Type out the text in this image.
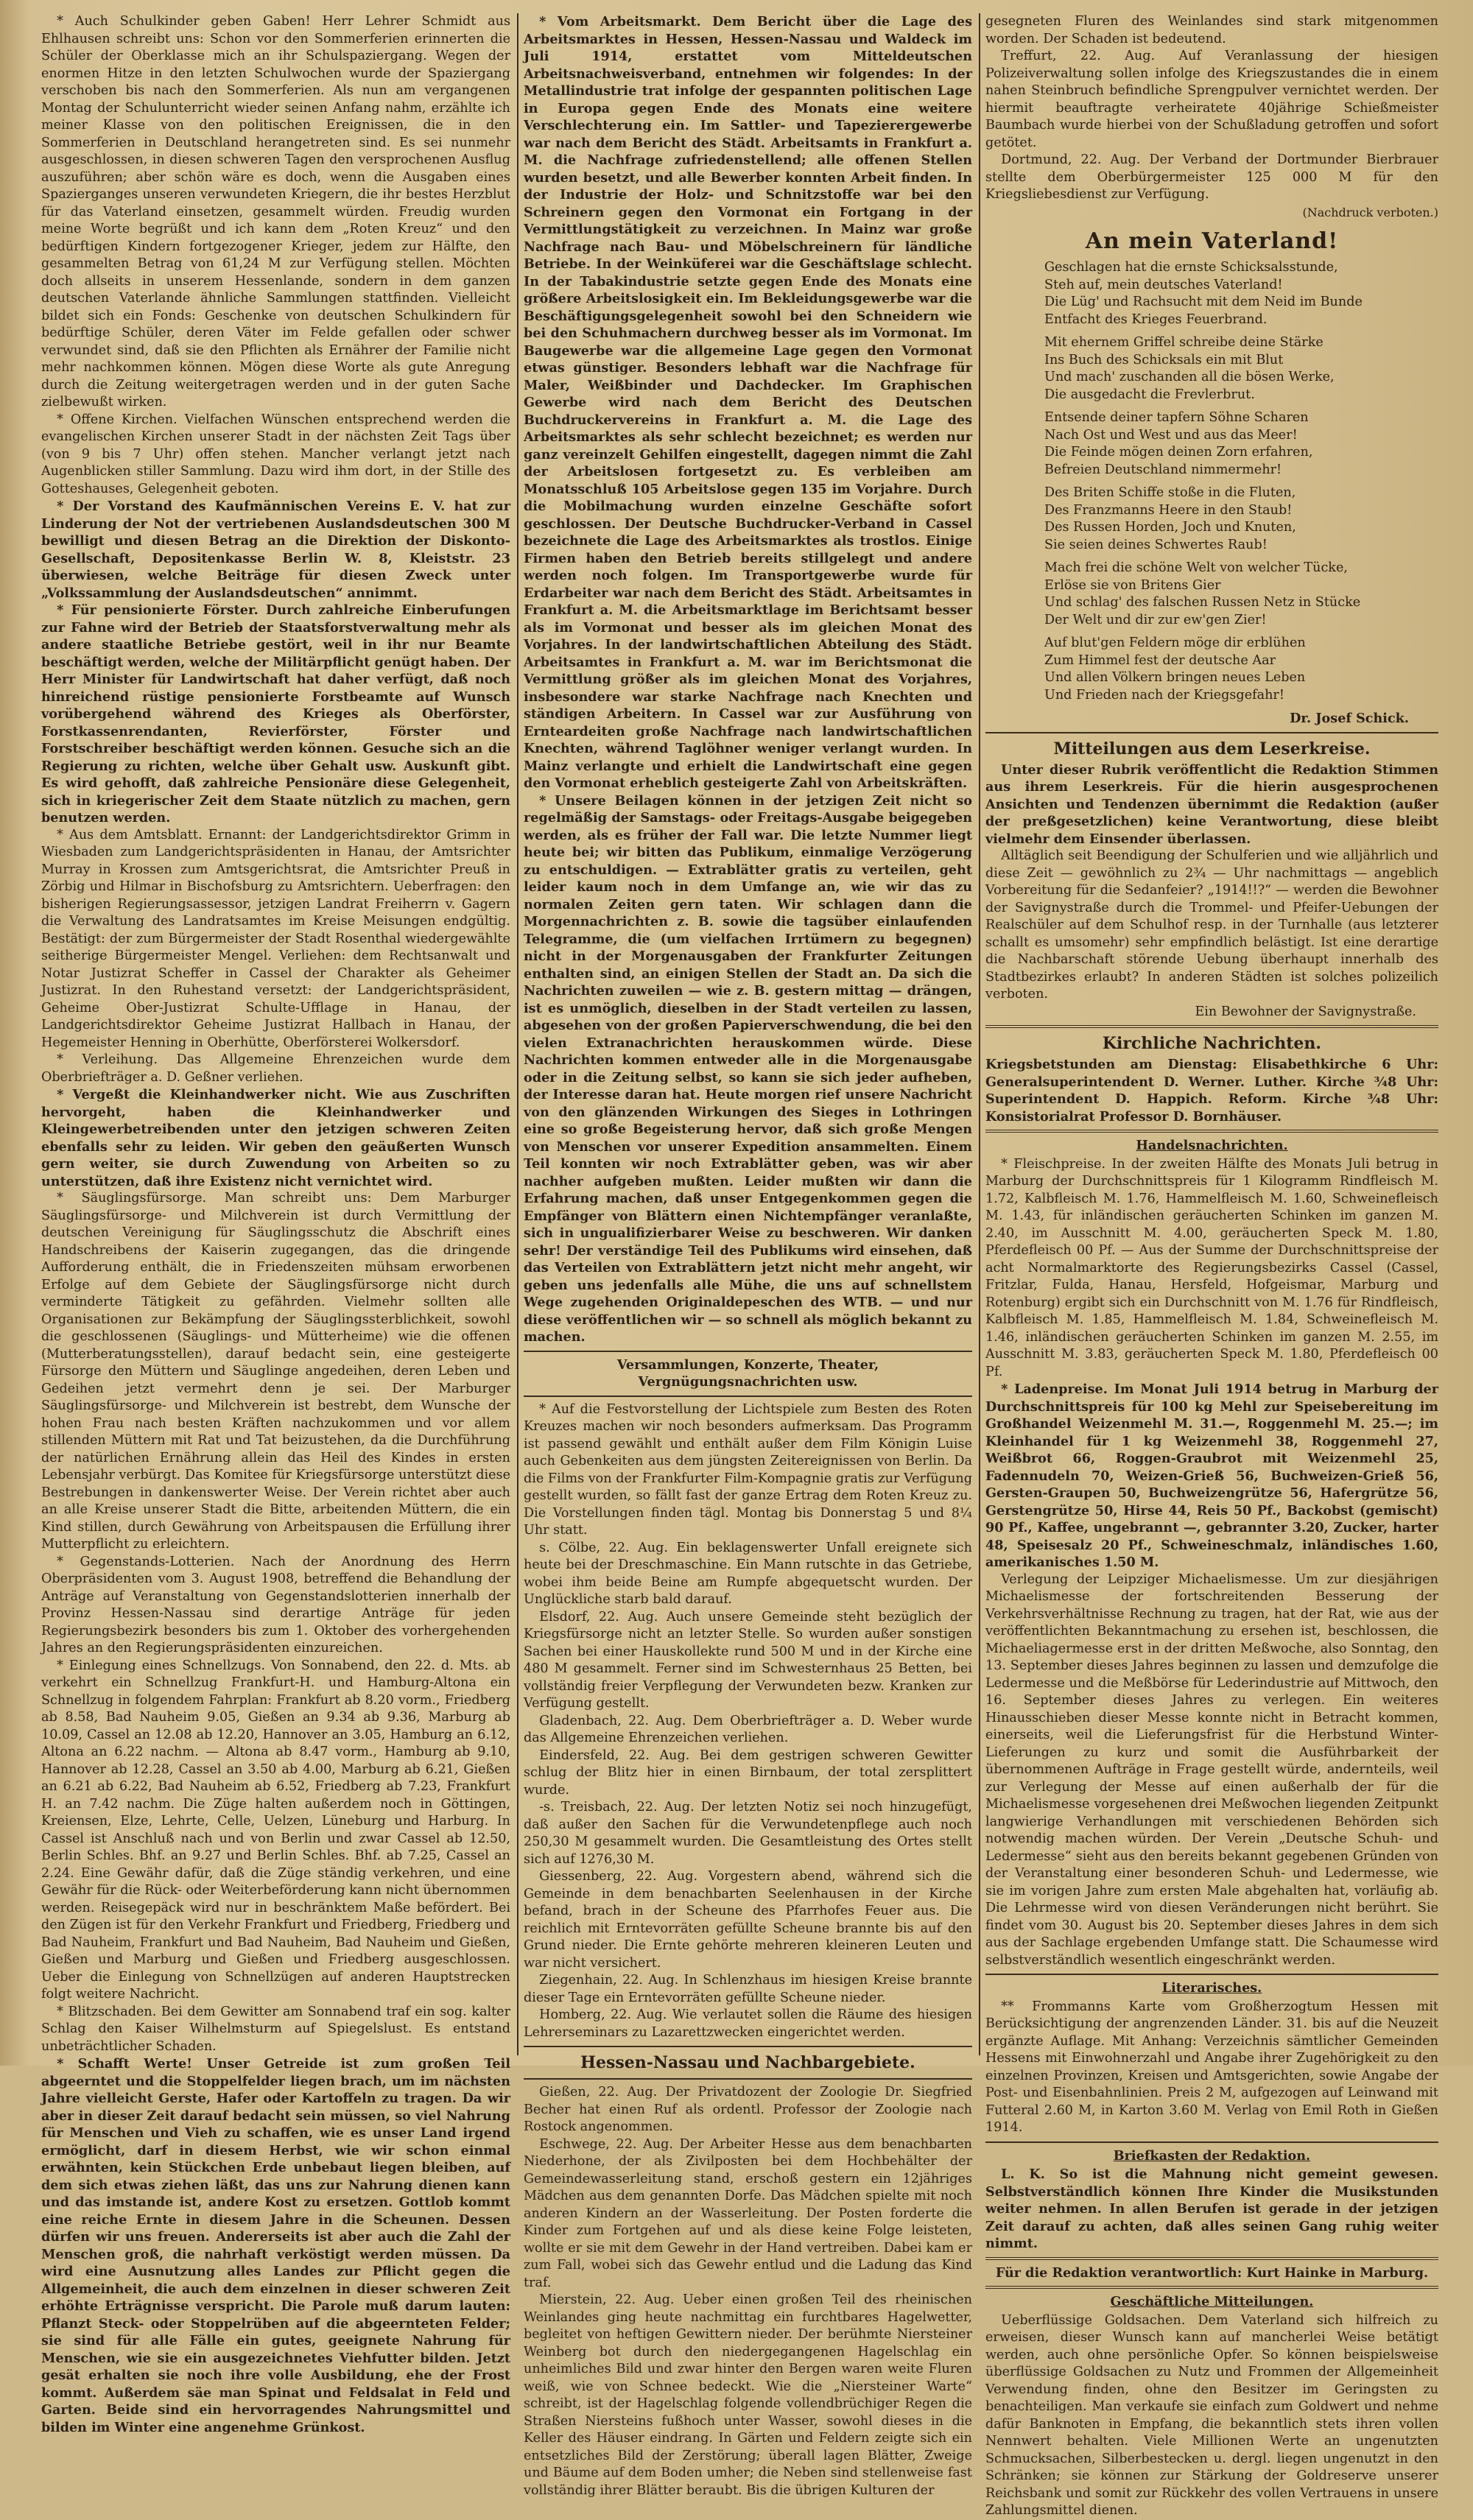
* Auch Schulkinder geben Gaben! Herr Lehrer Schmidt aus Ehlhausen schreibt uns: Schon vor den Sommerferien erinnerten die Schüler der Oberklasse mich an ihr Schulspaziergang. Wegen der enormen Hitze in den letzten Schulwochen wurde der Spaziergang verschoben bis nach den Sommerferien. Als nun am vergangenen Montag der Schulunterricht wieder seinen Anfang nahm, erzählte ich meiner Klasse von den politischen Ereignissen, die in den Sommerferien in Deutschland herangetreten sind. Es sei nunmehr ausgeschlossen, in diesen schweren Tagen den versprochenen Ausflug auszuführen; aber schön wäre es doch, wenn die Ausgaben eines Spazierganges unseren verwundeten Kriegern, die ihr bestes Herzblut für das Vaterland einsetzen, gesammelt würden. Freudig wurden meine Worte begrüßt und ich kann dem „Roten Kreuz“ und den bedürftigen Kindern fortgezogener Krieger, jedem zur Hälfte, den gesammelten Betrag von 61,24 M zur Verfügung stellen. Möchten doch allseits in unserem Hessenlande, sondern in dem ganzen deutschen Vaterlande ähnliche Sammlungen stattfinden. Vielleicht bildet sich ein Fonds: Geschenke von deutschen Schulkindern für bedürftige Schüler, deren Väter im Felde gefallen oder schwer verwundet sind, daß sie den Pflichten als Ernährer der Familie nicht mehr nachkommen können. Mögen diese Worte als gute Anregung durch die Zeitung weitergetragen werden und in der guten Sache zielbewußt wirken.

* Offene Kirchen. Vielfachen Wünschen entsprechend werden die evangelischen Kirchen unserer Stadt in der nächsten Zeit Tags über (von 9 bis 7 Uhr) offen stehen. Mancher verlangt jetzt nach Augenblicken stiller Sammlung. Dazu wird ihm dort, in der Stille des Gotteshauses, Gelegenheit geboten.

* Der Vorstand des Kaufmännischen Vereins E. V. hat zur Linderung der Not der vertriebenen Auslandsdeutschen 300 M bewilligt und diesen Betrag an die Direktion der Diskonto-Gesellschaft, Depositenkasse Berlin W. 8, Kleiststr. 23 überwiesen, welche Beiträge für diesen Zweck unter „Volkssammlung der Auslandsdeutschen“ annimmt.

* Für pensionierte Förster. Durch zahlreiche Einberufungen zur Fahne wird der Betrieb der Staatsforstverwaltung mehr als andere staatliche Betriebe gestört, weil in ihr nur Beamte beschäftigt werden, welche der Militärpflicht genügt haben. Der Herr Minister für Landwirtschaft hat daher verfügt, daß noch hinreichend rüstige pensionierte Forstbeamte auf Wunsch vorübergehend während des Krieges als Oberförster, Forstkassenrendanten, Revierförster, Förster und Forstschreiber beschäftigt werden können. Gesuche sich an die Regierung zu richten, welche über Gehalt usw. Auskunft gibt. Es wird gehofft, daß zahlreiche Pensionäre diese Gelegenheit, sich in kriegerischer Zeit dem Staate nützlich zu machen, gern benutzen werden.

* Aus dem Amtsblatt. Ernannt: der Landgerichtsdirektor Grimm in Wiesbaden zum Landgerichtspräsidenten in Hanau, der Amtsrichter Murray in Krossen zum Amtsgerichtsrat, die Amtsrichter Preuß in Zörbig und Hilmar in Bischofsburg zu Amtsrichtern. Ueberfragen: den bisherigen Regierungsassessor, jetzigen Landrat Freiherrn v. Gagern die Verwaltung des Landratsamtes im Kreise Meisungen endgültig. Bestätigt: der zum Bürgermeister der Stadt Rosenthal wiedergewählte seitherige Bürgermeister Mengel. Verliehen: dem Rechtsanwalt und Notar Justizrat Scheffer in Cassel der Charakter als Geheimer Justizrat. In den Ruhestand versetzt: der Landgerichtspräsident, Geheime Ober-Justizrat Schulte-Ufflage in Hanau, der Landgerichtsdirektor Geheime Justizrat Hallbach in Hanau, der Hegemeister Henning in Oberhütte, Oberförsterei Wolkersdorf.

* Verleihung. Das Allgemeine Ehrenzeichen wurde dem Oberbriefträger a. D. Geßner verliehen.

* Vergeßt die Kleinhandwerker nicht. Wie aus Zuschriften hervorgeht, haben die Kleinhandwerker und Kleingewerbetreibenden unter den jetzigen schweren Zeiten ebenfalls sehr zu leiden. Wir geben den geäußerten Wunsch gern weiter, sie durch Zuwendung von Arbeiten so zu unterstützen, daß ihre Existenz nicht vernichtet wird.

* Säuglingsfürsorge. Man schreibt uns: Dem Marburger Säuglingsfürsorge- und Milchverein ist durch Vermittlung der deutschen Vereinigung für Säuglingsschutz die Abschrift eines Handschreibens der Kaiserin zugegangen, das die dringende Aufforderung enthält, die in Friedenszeiten mühsam erworbenen Erfolge auf dem Gebiete der Säuglingsfürsorge nicht durch verminderte Tätigkeit zu gefährden. Vielmehr sollten alle Organisationen zur Bekämpfung der Säuglingssterblichkeit, sowohl die geschlossenen (Säuglings- und Mütterheime) wie die offenen (Mutterberatungsstellen), darauf bedacht sein, eine gesteigerte Fürsorge den Müttern und Säuglinge angedeihen, deren Leben und Gedeihen jetzt vermehrt denn je sei. Der Marburger Säuglingsfürsorge- und Milchverein ist bestrebt, dem Wunsche der hohen Frau nach besten Kräften nachzukommen und vor allem stillenden Müttern mit Rat und Tat beizustehen, da die Durchführung der natürlichen Ernährung allein das Heil des Kindes in ersten Lebensjahr verbürgt. Das Komitee für Kriegsfürsorge unterstützt diese Bestrebungen in dankenswerter Weise. Der Verein richtet aber auch an alle Kreise unserer Stadt die Bitte, arbeitenden Müttern, die ein Kind stillen, durch Gewährung von Arbeitspausen die Erfüllung ihrer Mutterpflicht zu erleichtern.

* Gegenstands-Lotterien. Nach der Anordnung des Herrn Oberpräsidenten vom 3. August 1908, betreffend die Behandlung der Anträge auf Veranstaltung von Gegenstandslotterien innerhalb der Provinz Hessen-Nassau sind derartige Anträge für jeden Regierungsbezirk besonders bis zum 1. Oktober des vorhergehenden Jahres an den Regierungspräsidenten einzureichen.

* Einlegung eines Schnellzugs. Von Sonnabend, den 22. d. Mts. ab verkehrt ein Schnellzug Frankfurt-H. und Hamburg-Altona ein Schnellzug in folgendem Fahrplan: Frankfurt ab 8.20 vorm., Friedberg ab 8.58, Bad Nauheim 9.05, Gießen an 9.34 ab 9.36, Marburg ab 10.09, Cassel an 12.08 ab 12.20, Hannover an 3.05, Hamburg an 6.12, Altona an 6.22 nachm. — Altona ab 8.47 vorm., Hamburg ab 9.10, Hannover ab 12.28, Cassel an 3.50 ab 4.00, Marburg ab 6.21, Gießen an 6.21 ab 6.22, Bad Nauheim ab 6.52, Friedberg ab 7.23, Frankfurt H. an 7.42 nachm. Die Züge halten außerdem noch in Göttingen, Kreiensen, Elze, Lehrte, Celle, Uelzen, Lüneburg und Harburg. In Cassel ist Anschluß nach und von Berlin und zwar Cassel ab 12.50, Berlin Schles. Bhf. an 9.27 und Berlin Schles. Bhf. ab 7.25, Cassel an 2.24. Eine Gewähr dafür, daß die Züge ständig verkehren, und eine Gewähr für die Rück- oder Weiterbeförderung kann nicht übernommen werden. Reisegepäck wird nur in beschränktem Maße befördert. Bei den Zügen ist für den Verkehr Frankfurt und Friedberg, Friedberg und Bad Nauheim, Frankfurt und Bad Nauheim, Bad Nauheim und Gießen, Gießen und Marburg und Gießen und Friedberg ausgeschlossen. Ueber die Einlegung von Schnellzügen auf anderen Hauptstrecken folgt weitere Nachricht.

* Blitzschaden. Bei dem Gewitter am Sonnabend traf ein sog. kalter Schlag den Kaiser Wilhelmsturm auf Spiegelslust. Es entstand unbeträchtlicher Schaden.

* Schafft Werte! Unser Getreide ist zum großen Teil abgeerntet und die Stoppelfelder liegen brach, um im nächsten Jahre vielleicht Gerste, Hafer oder Kartoffeln zu tragen. Da wir aber in dieser Zeit darauf bedacht sein müssen, so viel Nahrung für Menschen und Vieh zu schaffen, wie es unser Land irgend ermöglicht, darf in diesem Herbst, wie wir schon einmal erwähnten, kein Stückchen Erde unbebaut liegen bleiben, auf dem sich etwas ziehen läßt, das uns zur Nahrung dienen kann und das imstande ist, andere Kost zu ersetzen. Gottlob kommt eine reiche Ernte in diesem Jahre in die Scheunen. Dessen dürfen wir uns freuen. Andererseits ist aber auch die Zahl der Menschen groß, die nahrhaft verköstigt werden müssen. Da wird eine Ausnutzung alles Landes zur Pflicht gegen die Allgemeinheit, die auch dem einzelnen in dieser schweren Zeit erhöhte Erträgnisse verspricht. Die Parole muß darum lauten: Pflanzt Steck- oder Stoppelrüben auf die abgeernteten Felder; sie sind für alle Fälle ein gutes, geeignete Nahrung für Menschen, wie sie ein ausgezeichnetes Viehfutter bilden. Jetzt gesät erhalten sie noch ihre volle Ausbildung, ehe der Frost kommt. Außerdem säe man Spinat und Feldsalat in Feld und Garten. Beide sind ein hervorragendes Nahrungsmittel und bilden im Winter eine angenehme Grünkost.

* Vom Arbeitsmarkt. Dem Bericht über die Lage des Arbeitsmarktes in Hessen, Hessen-Nassau und Waldeck im Juli 1914, erstattet vom Mitteldeutschen Arbeitsnachweisverband, entnehmen wir folgendes: In der Metallindustrie trat infolge der gespannten politischen Lage in Europa gegen Ende des Monats eine weitere Verschlechterung ein. Im Sattler- und Tapezierergewerbe war nach dem Bericht des Städt. Arbeitsamts in Frankfurt a. M. die Nachfrage zufriedenstellend; alle offenen Stellen wurden besetzt, und alle Bewerber konnten Arbeit finden. In der Industrie der Holz- und Schnitzstoffe war bei den Schreinern gegen den Vormonat ein Fortgang in der Vermittlungstätigkeit zu verzeichnen. In Mainz war große Nachfrage nach Bau- und Möbelschreinern für ländliche Betriebe. In der Weinküferei war die Geschäftslage schlecht. In der Tabakindustrie setzte gegen Ende des Monats eine größere Arbeitslosigkeit ein. Im Bekleidungsgewerbe war die Beschäftigungsgelegenheit sowohl bei den Schneidern wie bei den Schuhmachern durchweg besser als im Vormonat. Im Baugewerbe war die allgemeine Lage gegen den Vormonat etwas günstiger. Besonders lebhaft war die Nachfrage für Maler, Weißbinder und Dachdecker. Im Graphischen Gewerbe wird nach dem Bericht des Deutschen Buchdruckervereins in Frankfurt a. M. die Lage des Arbeitsmarktes als sehr schlecht bezeichnet; es werden nur ganz vereinzelt Gehilfen eingestellt, dagegen nimmt die Zahl der Arbeitslosen fortgesetzt zu. Es verbleiben am Monatsschluß 105 Arbeitslose gegen 135 im Vorjahre. Durch die Mobilmachung wurden einzelne Geschäfte sofort geschlossen. Der Deutsche Buchdrucker-Verband in Cassel bezeichnete die Lage des Arbeitsmarktes als trostlos. Einige Firmen haben den Betrieb bereits stillgelegt und andere werden noch folgen. Im Transportgewerbe wurde für Erdarbeiter war nach dem Bericht des Städt. Arbeitsamtes in Frankfurt a. M. die Arbeitsmarktlage im Berichtsamt besser als im Vormonat und besser als im gleichen Monat des Vorjahres. In der landwirtschaftlichen Abteilung des Städt. Arbeitsamtes in Frankfurt a. M. war im Berichtsmonat die Vermittlung größer als im gleichen Monat des Vorjahres, insbesondere war starke Nachfrage nach Knechten und ständigen Arbeitern. In Cassel war zur Ausführung von Ernteardeiten große Nachfrage nach landwirtschaftlichen Knechten, während Taglöhner weniger verlangt wurden. In Mainz verlangte und erhielt die Landwirtschaft eine gegen den Vormonat erheblich gesteigerte Zahl von Arbeitskräften.

* Unsere Beilagen können in der jetzigen Zeit nicht so regelmäßig der Samstags- oder Freitags-Ausgabe beigegeben werden, als es früher der Fall war. Die letzte Nummer liegt heute bei; wir bitten das Publikum, einmalige Verzögerung zu entschuldigen. — Extrablätter gratis zu verteilen, geht leider kaum noch in dem Umfange an, wie wir das zu normalen Zeiten gern taten. Wir schlagen dann die Morgennachrichten z. B. sowie die tagsüber einlaufenden Telegramme, die (um vielfachen Irrtümern zu begegnen) nicht in der Morgenausgaben der Frankfurter Zeitungen enthalten sind, an einigen Stellen der Stadt an. Da sich die Nachrichten zuweilen — wie z. B. gestern mittag — drängen, ist es unmöglich, dieselben in der Stadt verteilen zu lassen, abgesehen von der großen Papierverschwendung, die bei den vielen Extranachrichten herauskommen würde. Diese Nachrichten kommen entweder alle in die Morgenausgabe oder in die Zeitung selbst, so kann sie sich jeder aufheben, der Interesse daran hat. Heute morgen rief unsere Nachricht von den glänzenden Wirkungen des Sieges in Lothringen eine so große Begeisterung hervor, daß sich große Mengen von Menschen vor unserer Expedition ansammelten. Einem Teil konnten wir noch Extrablätter geben, was wir aber nachher aufgeben mußten. Leider mußten wir dann die Erfahrung machen, daß unser Entgegenkommen gegen die Empfänger von Blättern einen Nichtempfänger veranlaßte, sich in ungualifizierbarer Weise zu beschweren. Wir danken sehr! Der verständige Teil des Publikums wird einsehen, daß das Verteilen von Extrablättern jetzt nicht mehr angeht, wir geben uns jedenfalls alle Mühe, die uns auf schnellstem Wege zugehenden Originaldepeschen des WTB. — und nur diese veröffentlichen wir — so schnell als möglich bekannt zu machen.

Versammlungen, Konzerte, Theater, Vergnügungsnachrichten usw.

* Auf die Festvorstellung der Lichtspiele zum Besten des Roten Kreuzes machen wir noch besonders aufmerksam. Das Programm ist passend gewählt und enthält außer dem Film Königin Luise auch Gebenkeiten aus dem jüngsten Zeitereignissen von Berlin. Da die Films von der Frankfurter Film-Kompagnie gratis zur Verfügung gestellt wurden, so fällt fast der ganze Ertrag dem Roten Kreuz zu. Die Vorstellungen finden tägl. Montag bis Donnerstag 5 und 8¼ Uhr statt.

s. Cölbe, 22. Aug. Ein beklagenswerter Unfall ereignete sich heute bei der Dreschmaschine. Ein Mann rutschte in das Getriebe, wobei ihm beide Beine am Rumpfe abgequetscht wurden. Der Unglückliche starb bald darauf.

Elsdorf, 22. Aug. Auch unsere Gemeinde steht bezüglich der Kriegsfürsorge nicht an letzter Stelle. So wurden außer sonstigen Sachen bei einer Hauskollekte rund 500 M und in der Kirche eine 480 M gesammelt. Ferner sind im Schwesternhaus 25 Betten, bei vollständig freier Verpflegung der Verwundeten bezw. Kranken zur Verfügung gestellt.

Gladenbach, 22. Aug. Dem Oberbriefträger a. D. Weber wurde das Allgemeine Ehrenzeichen verliehen.

Eindersfeld, 22. Aug. Bei dem gestrigen schweren Gewitter schlug der Blitz hier in einen Birnbaum, der total zersplittert wurde.

-s. Treisbach, 22. Aug. Der letzten Notiz sei noch hinzugefügt, daß außer den Sachen für die Verwundetenpflege auch noch 250,30 M gesammelt wurden. Die Gesamtleistung des Ortes stellt sich auf 1276,30 M.

Giessenberg, 22. Aug. Vorgestern abend, während sich die Gemeinde in dem benachbarten Seelenhausen in der Kirche befand, brach in der Scheune des Pfarrhofes Feuer aus. Die reichlich mit Erntevorräten gefüllte Scheune brannte bis auf den Grund nieder. Die Ernte gehörte mehreren kleineren Leuten und war nicht versichert.

Ziegenhain, 22. Aug. In Schlenzhaus im hiesigen Kreise brannte dieser Tage ein Erntevorräten gefüllte Scheune nieder.

Homberg, 22. Aug. Wie verlautet sollen die Räume des hiesigen Lehrerseminars zu Lazarettzwecken eingerichtet werden.

Hessen-Nassau und Nachbargebiete.

Gießen, 22. Aug. Der Privatdozent der Zoologie Dr. Siegfried Becher hat einen Ruf als ordentl. Professor der Zoologie nach Rostock angenommen.

Eschwege, 22. Aug. Der Arbeiter Hesse aus dem benachbarten Niederhone, der als Zivilposten bei dem Hochbehälter der Gemeindewasserleitung stand, erschoß gestern ein 12jähriges Mädchen aus dem genannten Dorfe. Das Mädchen spielte mit noch anderen Kindern an der Wasserleitung. Der Posten forderte die Kinder zum Fortgehen auf und als diese keine Folge leisteten, wollte er sie mit dem Gewehr in der Hand vertreiben. Dabei kam er zum Fall, wobei sich das Gewehr entlud und die Ladung das Kind traf.

Mierstein, 22. Aug. Ueber einen großen Teil des rheinischen Weinlandes ging heute nachmittag ein furchtbares Hagelwetter, begleitet von heftigen Gewittern nieder. Der berühmte Niersteiner Weinberg bot durch den niedergegangenen Hagelschlag ein unheimliches Bild und zwar hinter den Bergen waren weite Fluren weiß, wie von Schnee bedeckt. Wie die „Niersteiner Warte“ schreibt, ist der Hagelschlag folgende vollendbrüchiger Regen die Straßen Niersteins fußhoch unter Wasser, sowohl dieses in die Keller des Häuser eindrang. In Gärten und Feldern zeigte sich ein entsetzliches Bild der Zerstörung; überall lagen Blätter, Zweige und Bäume auf dem Boden umher; die Neben sind stellenweise fast vollständig ihrer Blätter beraubt. Bis die übrigen Kulturen der

gesegneten Fluren des Weinlandes sind stark mitgenommen worden. Der Schaden ist bedeutend.

Treffurt, 22. Aug. Auf Veranlassung der hiesigen Polizeiverwaltung sollen infolge des Kriegszustandes die in einem nahen Steinbruch befindliche Sprengpulver vernichtet werden. Der hiermit beauftragte verheiratete 40jährige Schießmeister Baumbach wurde hierbei von der Schußladung getroffen und sofort getötet.

Dortmund, 22. Aug. Der Verband der Dortmunder Bierbrauer stellte dem Oberbürgermeister 125 000 M für den Kriegsliebesdienst zur Verfügung.

(Nachdruck verboten.)
An mein Vaterland!

Geschlagen hat die ernste Schicksalsstunde,

Steh auf, mein deutsches Vaterland!

Die Lüg' und Rachsucht mit dem Neid im Bunde

Entfacht des Krieges Feuerbrand.

Mit ehernem Griffel schreibe deine Stärke

Ins Buch des Schicksals ein mit Blut

Und mach' zuschanden all die bösen Werke,

Die ausgedacht die Frevlerbrut.

Entsende deiner tapfern Söhne Scharen

Nach Ost und West und aus das Meer!

Die Feinde mögen deinen Zorn erfahren,

Befreien Deutschland nimmermehr!

Des Briten Schiffe stoße in die Fluten,

Des Franzmanns Heere in den Staub!

Des Russen Horden, Joch und Knuten,

Sie seien deines Schwertes Raub!

Mach frei die schöne Welt von welcher Tücke,

Erlöse sie von Britens Gier

Und schlag' des falschen Russen Netz in Stücke

Der Welt und dir zur ew'gen Zier!

Auf blut'gen Feldern möge dir erblühen

Zum Himmel fest der deutsche Aar

Und allen Völkern bringen neues Leben

Und Frieden nach der Kriegsgefahr!

Dr. Josef Schick.
Mitteilungen aus dem Leserkreise.

Unter dieser Rubrik veröffentlicht die Redaktion Stimmen aus ihrem Leserkreis. Für die hierin ausgesprochenen Ansichten und Tendenzen übernimmt die Redaktion (außer der preßgesetzlichen) keine Verantwortung, diese bleibt vielmehr dem Einsender überlassen.

Alltäglich seit Beendigung der Schulferien und wie alljährlich und diese Zeit — gewöhnlich zu 2¾ — Uhr nachmittags — angeblich Vorbereitung für die Sedanfeier? „1914!!?“ — werden die Bewohner der Savignystraße durch die Trommel- und Pfeifer-Uebungen der Realschüler auf dem Schulhof resp. in der Turnhalle (aus letzterer schallt es umsomehr) sehr empfindlich belästigt. Ist eine derartige die Nachbarschaft störende Uebung überhaupt innerhalb des Stadtbezirkes erlaubt? In anderen Städten ist solches polizeilich verboten.

Ein Bewohner der Savignystraße.
Kirchliche Nachrichten.

Kriegsbetstunden am Dienstag: Elisabethkirche 6 Uhr: Generalsuperintendent D. Werner. Luther. Kirche ¾8 Uhr: Superintendent D. Happich. Reform. Kirche ¾8 Uhr: Konsistorialrat Professor D. Bornhäuser.

Handelsnachrichten.

* Fleischpreise. In der zweiten Hälfte des Monats Juli betrug in Marburg der Durchschnittspreis für 1 Kilogramm Rindfleisch M. 1.72, Kalbfleisch M. 1.76, Hammelfleisch M. 1.60, Schweinefleisch M. 1.43, für inländischen geräucherten Schinken im ganzen M. 2.40, im Ausschnitt M. 4.00, geräucherten Speck M. 1.80, Pferdefleisch 00 Pf. — Aus der Summe der Durchschnittspreise der acht Normalmarktorte des Regierungsbezirks Cassel (Cassel, Fritzlar, Fulda, Hanau, Hersfeld, Hofgeismar, Marburg und Rotenburg) ergibt sich ein Durchschnitt von M. 1.76 für Rindfleisch, Kalbfleisch M. 1.85, Hammelfleisch M. 1.84, Schweinefleisch M. 1.46, inländischen geräucherten Schinken im ganzen M. 2.55, im Ausschnitt M. 3.83, geräucherten Speck M. 1.80, Pferdefleisch 00 Pf.

* Ladenpreise. Im Monat Juli 1914 betrug in Marburg der Durchschnittspreis für 100 kg Mehl zur Speisebereitung im Großhandel Weizenmehl M. 31.—, Roggenmehl M. 25.—; im Kleinhandel für 1 kg Weizenmehl 38, Roggenmehl 27, Weißbrot 66, Roggen-Graubrot mit Weizenmehl 25, Fadennudeln 70, Weizen-Grieß 56, Buchweizen-Grieß 56, Gersten-Graupen 50, Buchweizengrütze 56, Hafergrütze 56, Gerstengrütze 50, Hirse 44, Reis 50 Pf., Backobst (gemischt) 90 Pf., Kaffee, ungebrannt —, gebrannter 3.20, Zucker, harter 48, Speisesalz 20 Pf., Schweineschmalz, inländisches 1.60, amerikanisches 1.50 M.

Verlegung der Leipziger Michaelismesse. Um zur diesjährigen Michaelismesse der fortschreitenden Besserung der Verkehrsverhältnisse Rechnung zu tragen, hat der Rat, wie aus der veröffentlichten Bekanntmachung zu ersehen ist, beschlossen, die Michaeliagermesse erst in der dritten Meßwoche, also Sonntag, den 13. September dieses Jahres beginnen zu lassen und demzufolge die Ledermesse und die Meßbörse für Lederindustrie auf Mittwoch, den 16. September dieses Jahres zu verlegen. Ein weiteres Hinausschieben dieser Messe konnte nicht in Betracht kommen, einerseits, weil die Lieferungsfrist für die Herbstund Winter-Lieferungen zu kurz und somit die Ausführbarkeit der übernommenen Aufträge in Frage gestellt würde, andernteils, weil zur Verlegung der Messe auf einen außerhalb der für die Michaelismesse vorgesehenen drei Meßwochen liegenden Zeitpunkt langwierige Verhandlungen mit verschiedenen Behörden sich notwendig machen würden. Der Verein „Deutsche Schuh- und Ledermesse“ sieht aus den bereits bekannt gegebenen Gründen von der Veranstaltung einer besonderen Schuh- und Ledermesse, wie sie im vorigen Jahre zum ersten Male abgehalten hat, vorläufig ab. Die Lehrmesse wird von diesen Veränderungen nicht berührt. Sie findet vom 30. August bis 20. September dieses Jahres in dem sich aus der Sachlage ergebenden Umfange statt. Die Schaumesse wird selbstverständlich wesentlich eingeschränkt werden.

Literarisches.

** Frommanns Karte vom Großherzogtum Hessen mit Berücksichtigung der angrenzenden Länder. 31. bis auf die Neuzeit ergänzte Auflage. Mit Anhang: Verzeichnis sämtlicher Gemeinden Hessens mit Einwohnerzahl und Angabe ihrer Zugehörigkeit zu den einzelnen Provinzen, Kreisen und Amtsgerichten, sowie Angabe der Post- und Eisenbahnlinien. Preis 2 M, aufgezogen auf Leinwand mit Futteral 2.60 M, in Karton 3.60 M. Verlag von Emil Roth in Gießen 1914.

Briefkasten der Redaktion.

L. K. So ist die Mahnung nicht gemeint gewesen. Selbstverständlich können Ihre Kinder die Musikstunden weiter nehmen. In allen Berufen ist gerade in der jetzigen Zeit darauf zu achten, daß alles seinen Gang ruhig weiter nimmt.

Für die Redaktion verantwortlich: Kurt Hainke in Marburg.
Geschäftliche Mitteilungen.

Ueberflüssige Goldsachen. Dem Vaterland sich hilfreich zu erweisen, dieser Wunsch kann auf mancherlei Weise betätigt werden, auch ohne persönliche Opfer. So können beispielsweise überflüssige Goldsachen zu Nutz und Frommen der Allgemeinheit Verwendung finden, ohne den Besitzer im Geringsten zu benachteiligen. Man verkaufe sie einfach zum Goldwert und nehme dafür Banknoten in Empfang, die bekanntlich stets ihren vollen Nennwert behalten. Viele Millionen Werte an ungenutzten Schmucksachen, Silberbestecken u. dergl. liegen ungenutzt in den Schränken; sie können zur Stärkung der Goldreserve unserer Reichsbank und somit zur Rückkehr des vollen Vertrauens in unsere Zahlungsmittel dienen.
